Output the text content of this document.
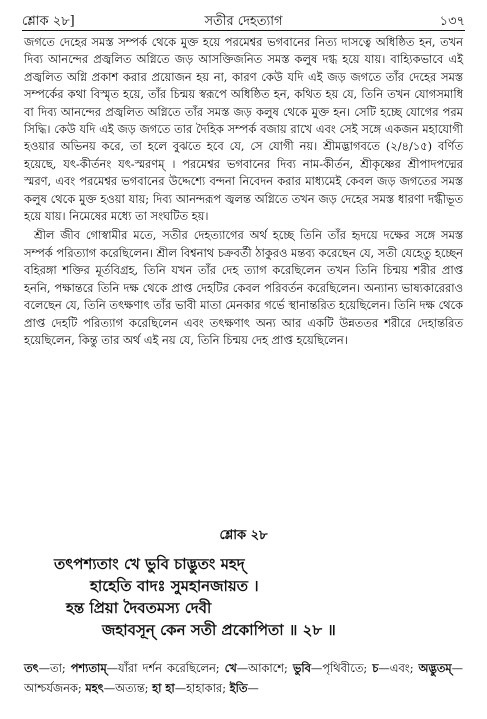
শ্লোক ২৮]	সতীর দেহত্যাগ	১৩৭

জগতে দেহের সমস্ত সম্পর্ক থেকে মুক্ত হয়ে পরমেশ্বর ভগবানের নিত্য দাসত্বে অধিষ্ঠিত হন, তখন দিব্য আনন্দের প্রজ্বলিত অগ্নিতে জড় আসক্তিজনিত সমস্ত কলুষ দগ্ধ হয়ে যায়। বাহ্যিকভাবে এই প্রজ্বলিত অগ্নি প্রকাশ করার প্রয়োজন হয় না, কারণ কেউ যদি এই জড় জগতে তাঁর দেহের সমস্ত সম্পর্কের কথা বিস্মৃত হয়ে, তাঁর চিন্ময় স্বরূপে অধিষ্ঠিত হন, কথিত হয় যে, তিনি তখন যোগসমাধি বা দিব্য আনন্দের প্রজ্বলিত অগ্নিতে তাঁর সমস্ত জড় কলুষ থেকে মুক্ত হন। সেটি হচ্ছে যোগের পরম সিদ্ধি। কেউ যদি এই জড় জগতে তার দৈহিক সম্পর্ক বজায় রাখে এবং সেই সঙ্গে একজন মহাযোগী হওয়ার অভিনয় করে, তা হলে বুঝতে হবে যে, সে যোগী নয়। শ্রীমদ্ভাগবতে (২/৪/১৫) বর্ণিত হয়েছে, যৎ-কীর্তনং যৎ-স্মরণম্ । পরমেশ্বর ভগবানের দিব্য নাম-কীর্তন, শ্রীকৃষ্ণের শ্রীপাদপদ্মের স্মরণ, এবং পরমেশ্বর ভগবানের উদ্দেশ্যে বন্দনা নিবেদন করার মাধ্যমেই কেবল জড় জগতের সমস্ত কলুষ থেকে মুক্ত হওয়া যায়; দিব্য আনন্দরূপ জ্বলন্ত অগ্নিতে তখন জড় দেহের সমস্ত ধারণা দগ্ধীভূত হয়ে যায়। নিমেষের মধ্যে তা সংঘটিত হয়।

শ্রীল জীব গোস্বামীর মতে, সতীর দেহত্যাগের অর্থ হচ্ছে তিনি তাঁর হৃদয়ে দক্ষের সঙ্গে সমস্ত সম্পর্ক পরিত্যাগ করেছিলেন। শ্রীল বিশ্বনাথ চক্রবর্তী ঠাকুরও মন্তব্য করেছেন যে, সতী যেহেতু হচ্ছেন বহিরঙ্গা শক্তির মূর্তবিগ্রহ, তিনি যখন তাঁর দেহ ত্যাগ করেছিলেন তখন তিনি চিন্ময় শরীর প্রাপ্ত হননি, পক্ষান্তরে তিনি দক্ষ থেকে প্রাপ্ত দেহটির কেবল পরিবর্তন করেছিলেন। অন্যান্য ভাষ্যকারেরাও বলেছেন যে, তিনি তৎক্ষণাৎ তাঁর ভাবী মাতা মেনকার গর্ভে স্থানান্তরিত হয়েছিলেন। তিনি দক্ষ থেকে প্রাপ্ত দেহটি পরিত্যাগ করেছিলেন এবং তৎক্ষণাৎ অন্য আর একটি উন্নততর শরীরে দেহান্তরিত হয়েছিলেন, কিন্তু তার অর্থ এই নয় যে, তিনি চিন্ময় দেহ প্রাপ্ত হয়েছিলেন।

শ্লোক ২৮
তৎপশ্যতাং খে ভুবি চাদ্ভুতং মহদ্
হাহেতি বাদঃ সুমহানজায়ত ।
হন্ত প্রিয়া দৈবতমস্য দেবী
জহাবসূন্ কেন সতী প্রকোপিতা ॥ ২৮ ॥
তৎ—তা; পশ্যতাম্—যাঁরা দর্শন করেছিলেন; খে—আকাশে; ভুবি—পৃথিবীতে; চ—এবং; অদ্ভুতম্—আশ্চর্যজনক; মহৎ—অত্যন্ত; হা হা—হাহাকার; ইতি—
